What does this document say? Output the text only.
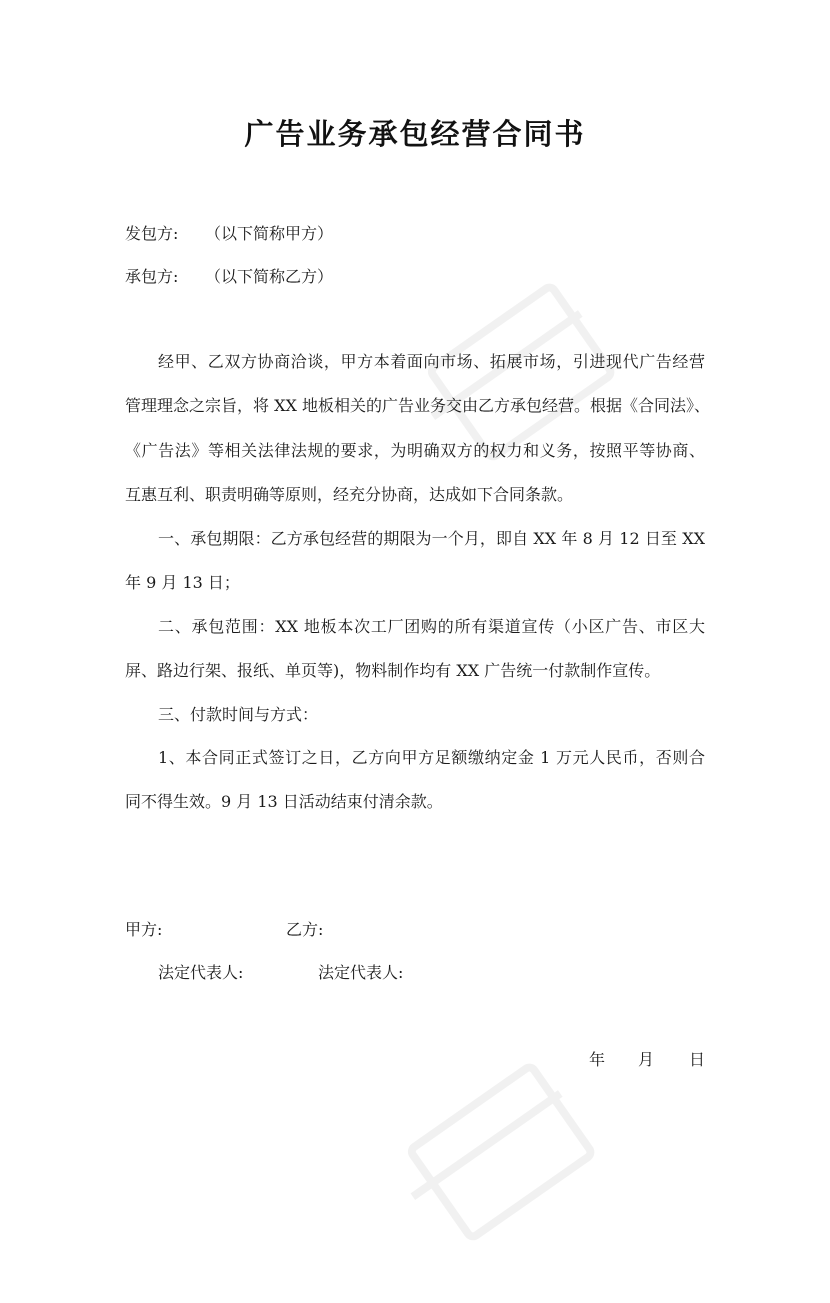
广告业务承包经营合同书
发包方: （以下简称甲方）
承包方: （以下简称乙方）
经甲、乙双方协商洽谈，甲方本着面向市场、拓展市场，引进现代广告经营
管理理念之宗旨，将 XX 地板相关的广告业务交由乙方承包经营。根据《合同法》、
《广告法》等相关法律法规的要求，为明确双方的权力和义务，按照平等协商、
互惠互利、职责明确等原则，经充分协商，达成如下合同条款。
一、承包期限：乙方承包经营的期限为一个月，即自 XX 年 8 月 12 日至 XX
年 9 月 13 日；
二、承包范围：XX 地板本次工厂团购的所有渠道宣传（小区广告、市区大
屏、路边行架、报纸、单页等)，物料制作均有 XX 广告统一付款制作宣传。
三、付款时间与方式：
1、本合同正式签订之日，乙方向甲方足额缴纳定金 1 万元人民币，否则合
同不得生效。9 月 13 日活动结束付清余款。
甲方:	乙方:
法定代表人:	法定代表人:
年 月 日
